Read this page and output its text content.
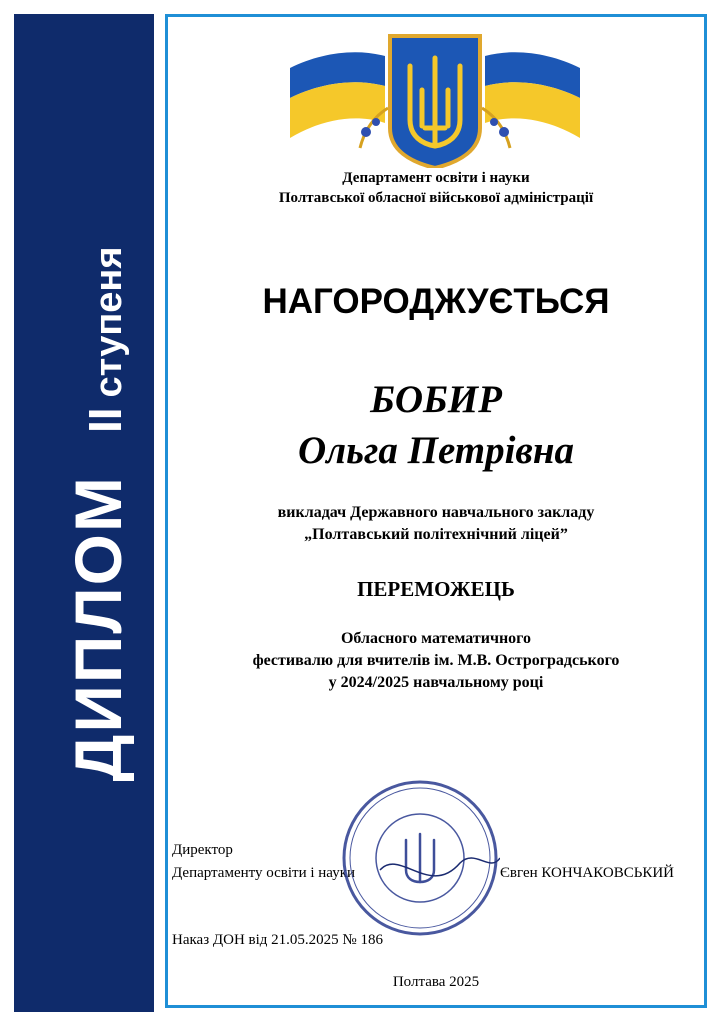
ДИПЛОМ
ІІ
ступеня
Департамент освіти і науки
Полтавської обласної військової адміністрації
НАГОРОДЖУЄТЬСЯ
БОБИР
Ольга Петрівна
викладач Державного навчального закладу
„Полтавський політехнічний ліцей”
ПЕРЕМОЖЕЦЬ
Обласного математичного
фестивалю для вчителів ім. М.В. Остроградського
у 2024/2025 навчальному році
Директор
Департаменту освіти і науки	Євген КОНЧАКОВСЬКИЙ
Наказ ДОН від 21.05.2025 № 186
Полтава 2025
